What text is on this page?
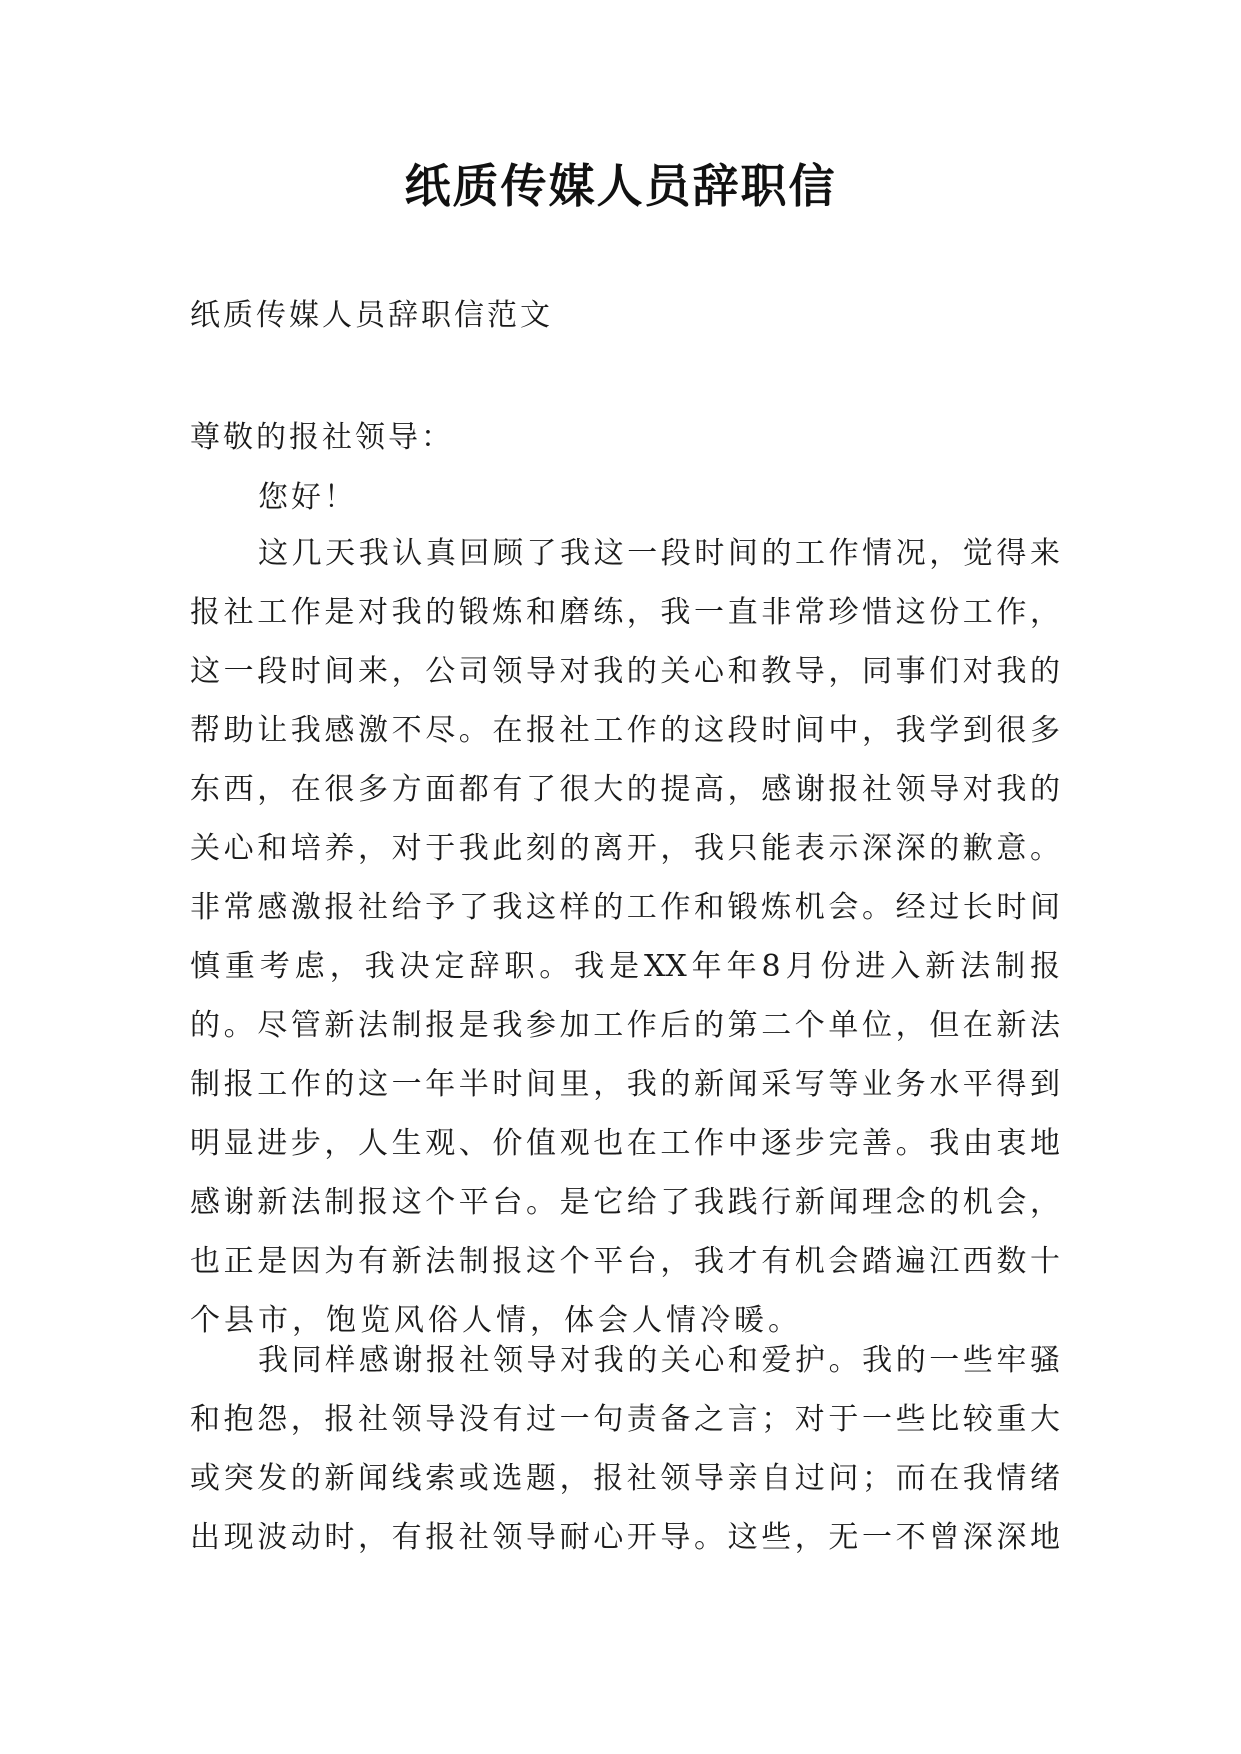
纸质传媒人员辞职信
纸质传媒人员辞职信范文
尊敬的报社领导：
您好！
这几天我认真回顾了我这一段时间的工作情况，觉得来
报社工作是对我的锻炼和磨练，我一直非常珍惜这份工作，
这一段时间来，公司领导对我的关心和教导，同事们对我的
帮助让我感激不尽。在报社工作的这段时间中，我学到很多
东西，在很多方面都有了很大的提高，感谢报社领导对我的
关心和培养，对于我此刻的离开，我只能表示深深的歉意。
非常感激报社给予了我这样的工作和锻炼机会。经过长时间
慎重考虑，我决定辞职。我是XX年年8月份进入新法制报
的。尽管新法制报是我参加工作后的第二个单位，但在新法
制报工作的这一年半时间里，我的新闻采写等业务水平得到
明显进步，人生观、价值观也在工作中逐步完善。我由衷地
感谢新法制报这个平台。是它给了我践行新闻理念的机会，
也正是因为有新法制报这个平台，我才有机会踏遍江西数十
个县市，饱览风俗人情，体会人情冷暖。
我同样感谢报社领导对我的关心和爱护。我的一些牢骚
和抱怨，报社领导没有过一句责备之言；对于一些比较重大
或突发的新闻线索或选题，报社领导亲自过问；而在我情绪
出现波动时，有报社领导耐心开导。这些，无一不曾深深地
